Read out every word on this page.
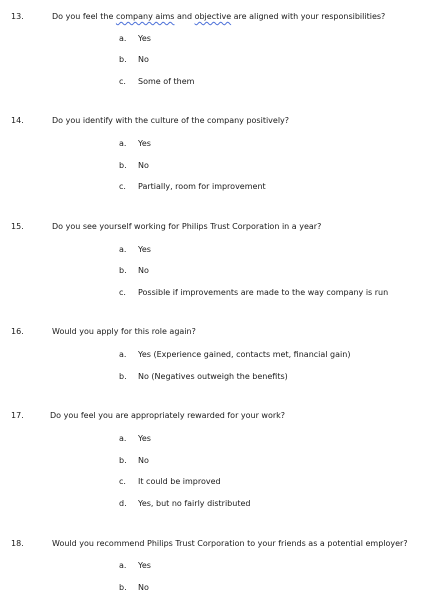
13.	Do you feel the company aims and objective are aligned with your responsibilities?
a. Yes
b. No
c. Some of them
14.	Do you identify with the culture of the company positively?
a. Yes
b. No
c. Partially, room for improvement
15.	Do you see yourself working for Philips Trust Corporation in a year?
a. Yes
b. No
c. Possible if improvements are made to the way company is run
16.	Would you apply for this role again?
a. Yes (Experience gained, contacts met, financial gain)
b. No (Negatives outweigh the benefits)
17.	Do you feel you are appropriately rewarded for your work?
a. Yes
b. No
c. It could be improved
d. Yes, but no fairly distributed
18.	Would you recommend Philips Trust Corporation to your friends as a potential employer?
a. Yes
b. No
